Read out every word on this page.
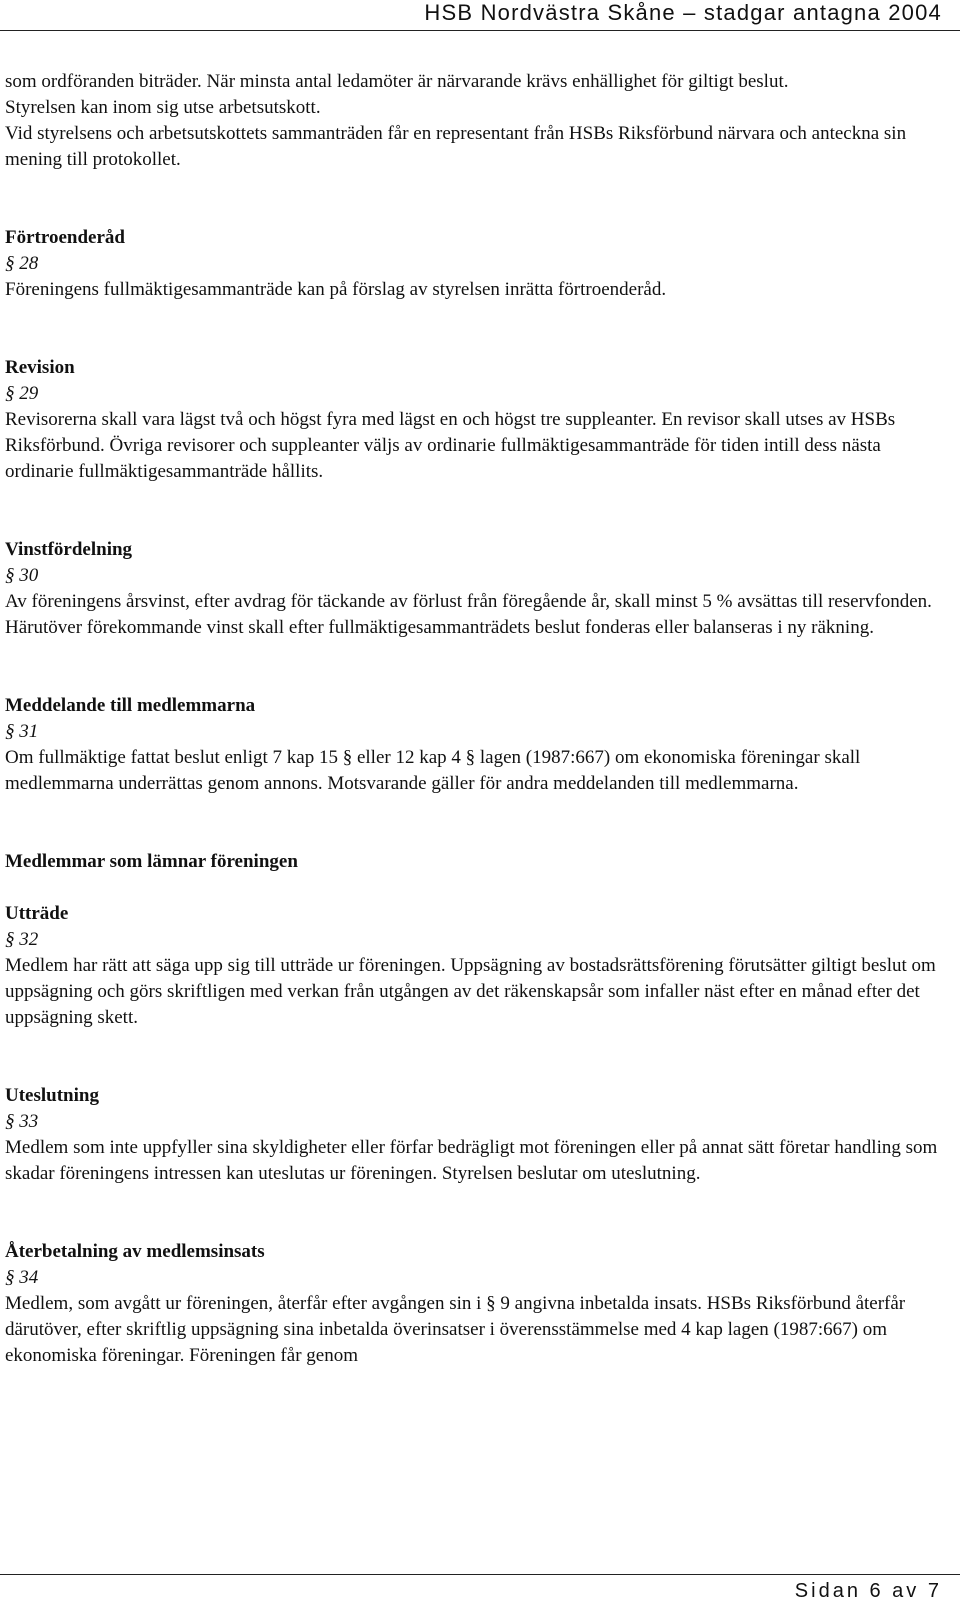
HSB Nordvästra Skåne – stadgar antagna 2004

som ordföranden biträder. När minsta antal ledamöter är närvarande krävs enhällighet för giltigt beslut.

Styrelsen kan inom sig utse arbetsutskott.

Vid styrelsens och arbetsutskottets sammanträden får en representant från HSBs Riksförbund närvara och anteckna sin mening till protokollet.

Förtroenderåd

§ 28

Föreningens fullmäktigesammanträde kan på förslag av styrelsen inrätta förtroenderåd.

Revision

§ 29

Revisorerna skall vara lägst två och högst fyra med lägst en och högst tre suppleanter. En revisor skall utses av HSBs Riksförbund. Övriga revisorer och suppleanter väljs av ordinarie fullmäktigesammanträde för tiden intill dess nästa ordinarie fullmäktigesammanträde hållits.

Vinstfördelning

§ 30

Av föreningens årsvinst, efter avdrag för täckande av förlust från föregående år, skall minst 5 % avsättas till reservfonden. Härutöver förekommande vinst skall efter fullmäktigesammanträdets beslut fonderas eller balanseras i ny räkning.

Meddelande till medlemmarna

§ 31

Om fullmäktige fattat beslut enligt 7 kap 15 § eller 12 kap 4 § lagen (1987:667) om ekonomiska föreningar skall medlemmarna underrättas genom annons. Motsvarande gäller för andra meddelanden till medlemmarna.

Medlemmar som lämnar föreningen

Utträde

§ 32

Medlem har rätt att säga upp sig till utträde ur föreningen. Uppsägning av bostadsrättsförening förutsätter giltigt beslut om uppsägning och görs skriftligen med verkan från utgången av det räkenskapsår som infaller näst efter en månad efter det uppsägning skett.

Uteslutning

§ 33

Medlem som inte uppfyller sina skyldigheter eller förfar bedrägligt mot föreningen eller på annat sätt företar handling som skadar föreningens intressen kan uteslutas ur föreningen. Styrelsen beslutar om uteslutning.

Återbetalning av medlemsinsats

§ 34

Medlem, som avgått ur föreningen, återfår efter avgången sin i § 9 angivna inbetalda insats. HSBs Riksförbund återfår därutöver, efter skriftlig uppsägning sina inbetalda överinsatser i överensstämmelse med 4 kap lagen (1987:667) om ekonomiska föreningar. Föreningen får genom

Sidan 6 av 7
